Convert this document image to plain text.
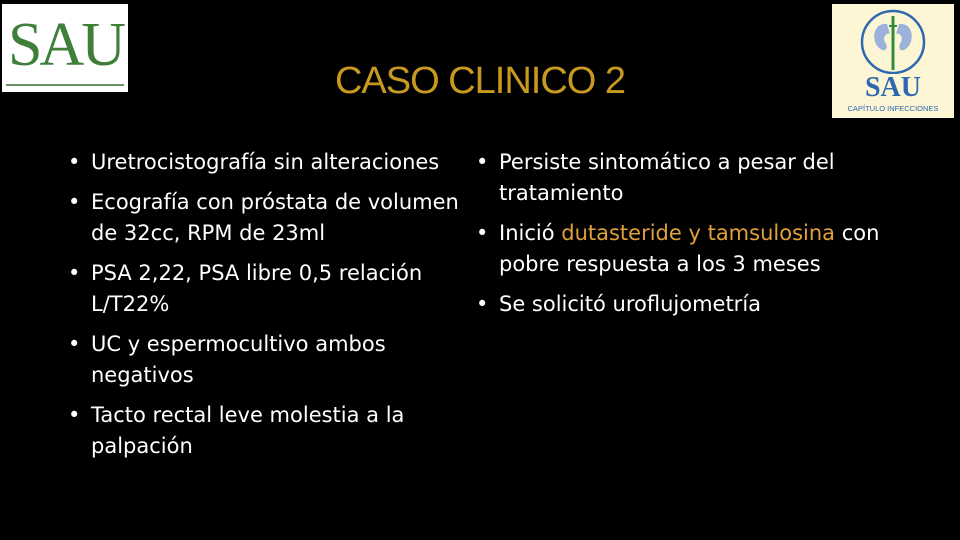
SAU
SAU
CAPÍTULO INFECCIONES
CASO CLINICO 2
• Uretrocistografía sin alteraciones
• Ecografía con próstata de volumen de 32cc, RPM de 23ml
• PSA 2,22, PSA libre 0,5 relación L/T22%
• UC y espermocultivo ambos negativos
• Tacto rectal leve molestia a la palpación
• Persiste sintomático a pesar del tratamiento
• Inició dutasteride y tamsulosina con pobre respuesta a los 3 meses
• Se solicitó uroflujometría
